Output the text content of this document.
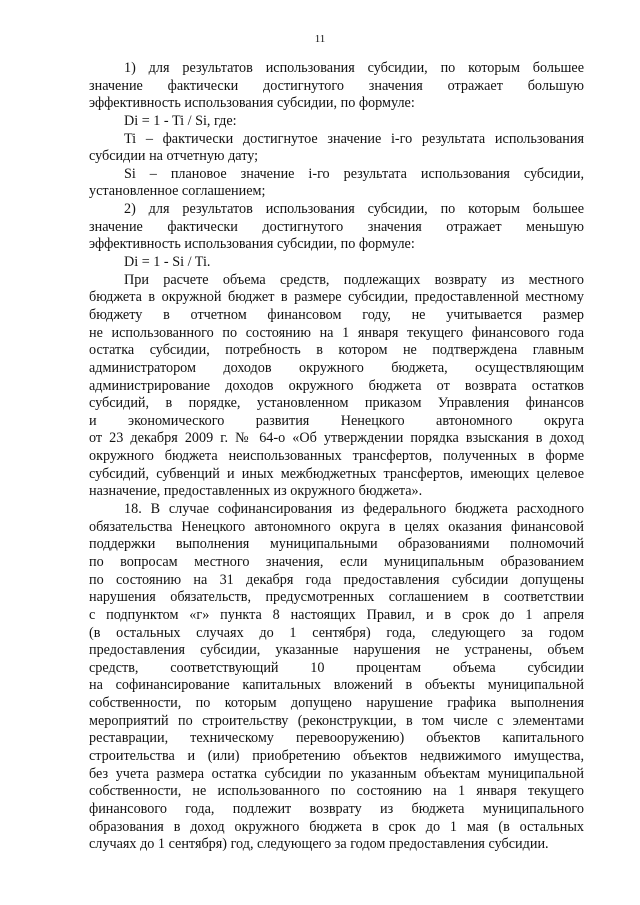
11
1) для результатов использования субсидии, по которым большее
значение фактически достигнутого значения отражает большую
эффективность использования субсидии, по формуле:
Di = 1 - Ti / Si, где:
Ti – фактически достигнутое значение i-го результата использования
субсидии на отчетную дату;
Si – плановое значение i-го результата использования субсидии,
установленное соглашением;
2) для результатов использования субсидии, по которым большее
значение фактически достигнутого значения отражает меньшую
эффективность использования субсидии, по формуле:
Di = 1 - Si / Ti.
При расчете объема средств, подлежащих возврату из местного
бюджета в окружной бюджет в размере субсидии, предоставленной местному
бюджету в отчетном финансовом году, не учитывается размер
не использованного по состоянию на 1 января текущего финансового года
остатка субсидии, потребность в котором не подтверждена главным
администратором доходов окружного бюджета, осуществляющим
администрирование доходов окружного бюджета от возврата остатков
субсидий, в порядке, установленном приказом Управления финансов
и экономического развития Ненецкого автономного округа
от 23 декабря 2009 г. № 64-о «Об утверждении порядка взыскания в доход
окружного бюджета неиспользованных трансфертов, полученных в форме
субсидий, субвенций и иных межбюджетных трансфертов, имеющих целевое
назначение, предоставленных из окружного бюджета».
18. В случае софинансирования из федерального бюджета расходного
обязательства Ненецкого автономного округа в целях оказания финансовой
поддержки выполнения муниципальными образованиями полномочий
по вопросам местного значения, если муниципальным образованием
по состоянию на 31 декабря года предоставления субсидии допущены
нарушения обязательств, предусмотренных соглашением в соответствии
с подпунктом «г» пункта 8 настоящих Правил, и в срок до 1 апреля
(в остальных случаях до 1 сентября) года, следующего за годом
предоставления субсидии, указанные нарушения не устранены, объем
средств, соответствующий 10 процентам объема субсидии
на софинансирование капитальных вложений в объекты муниципальной
собственности, по которым допущено нарушение графика выполнения
мероприятий по строительству (реконструкции, в том числе с элементами
реставрации, техническому перевооружению) объектов капитального
строительства и (или) приобретению объектов недвижимого имущества,
без учета размера остатка субсидии по указанным объектам муниципальной
собственности, не использованного по состоянию на 1 января текущего
финансового года, подлежит возврату из бюджета муниципального
образования в доход окружного бюджета в срок до 1 мая (в остальных
случаях до 1 сентября) год, следующего за годом предоставления субсидии.
